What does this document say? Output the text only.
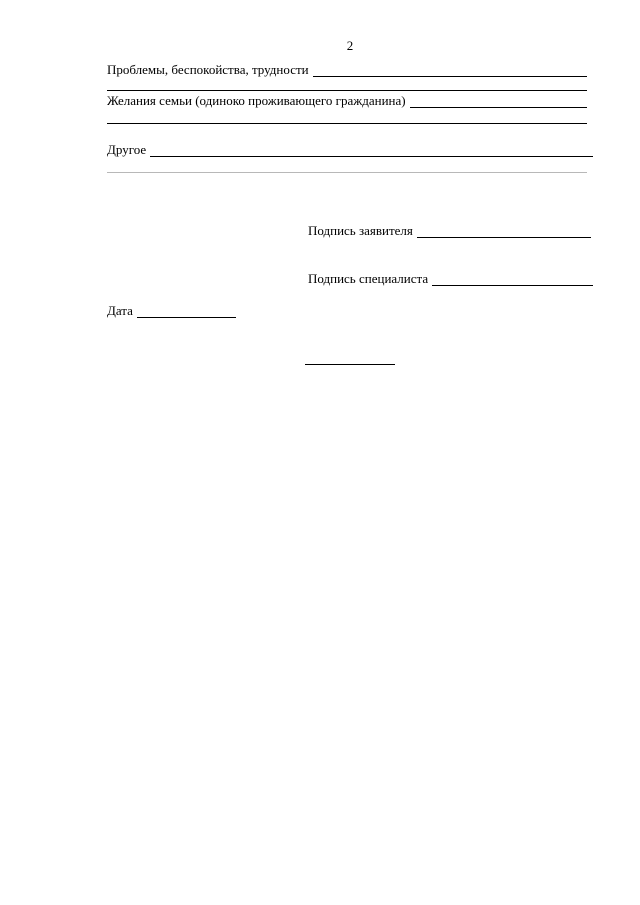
2
Проблемы, беспокойства, трудности
Желания семьи (одиноко проживающего гражданина)
Другое
Подпись заявителя
Подпись специалиста
Дата
